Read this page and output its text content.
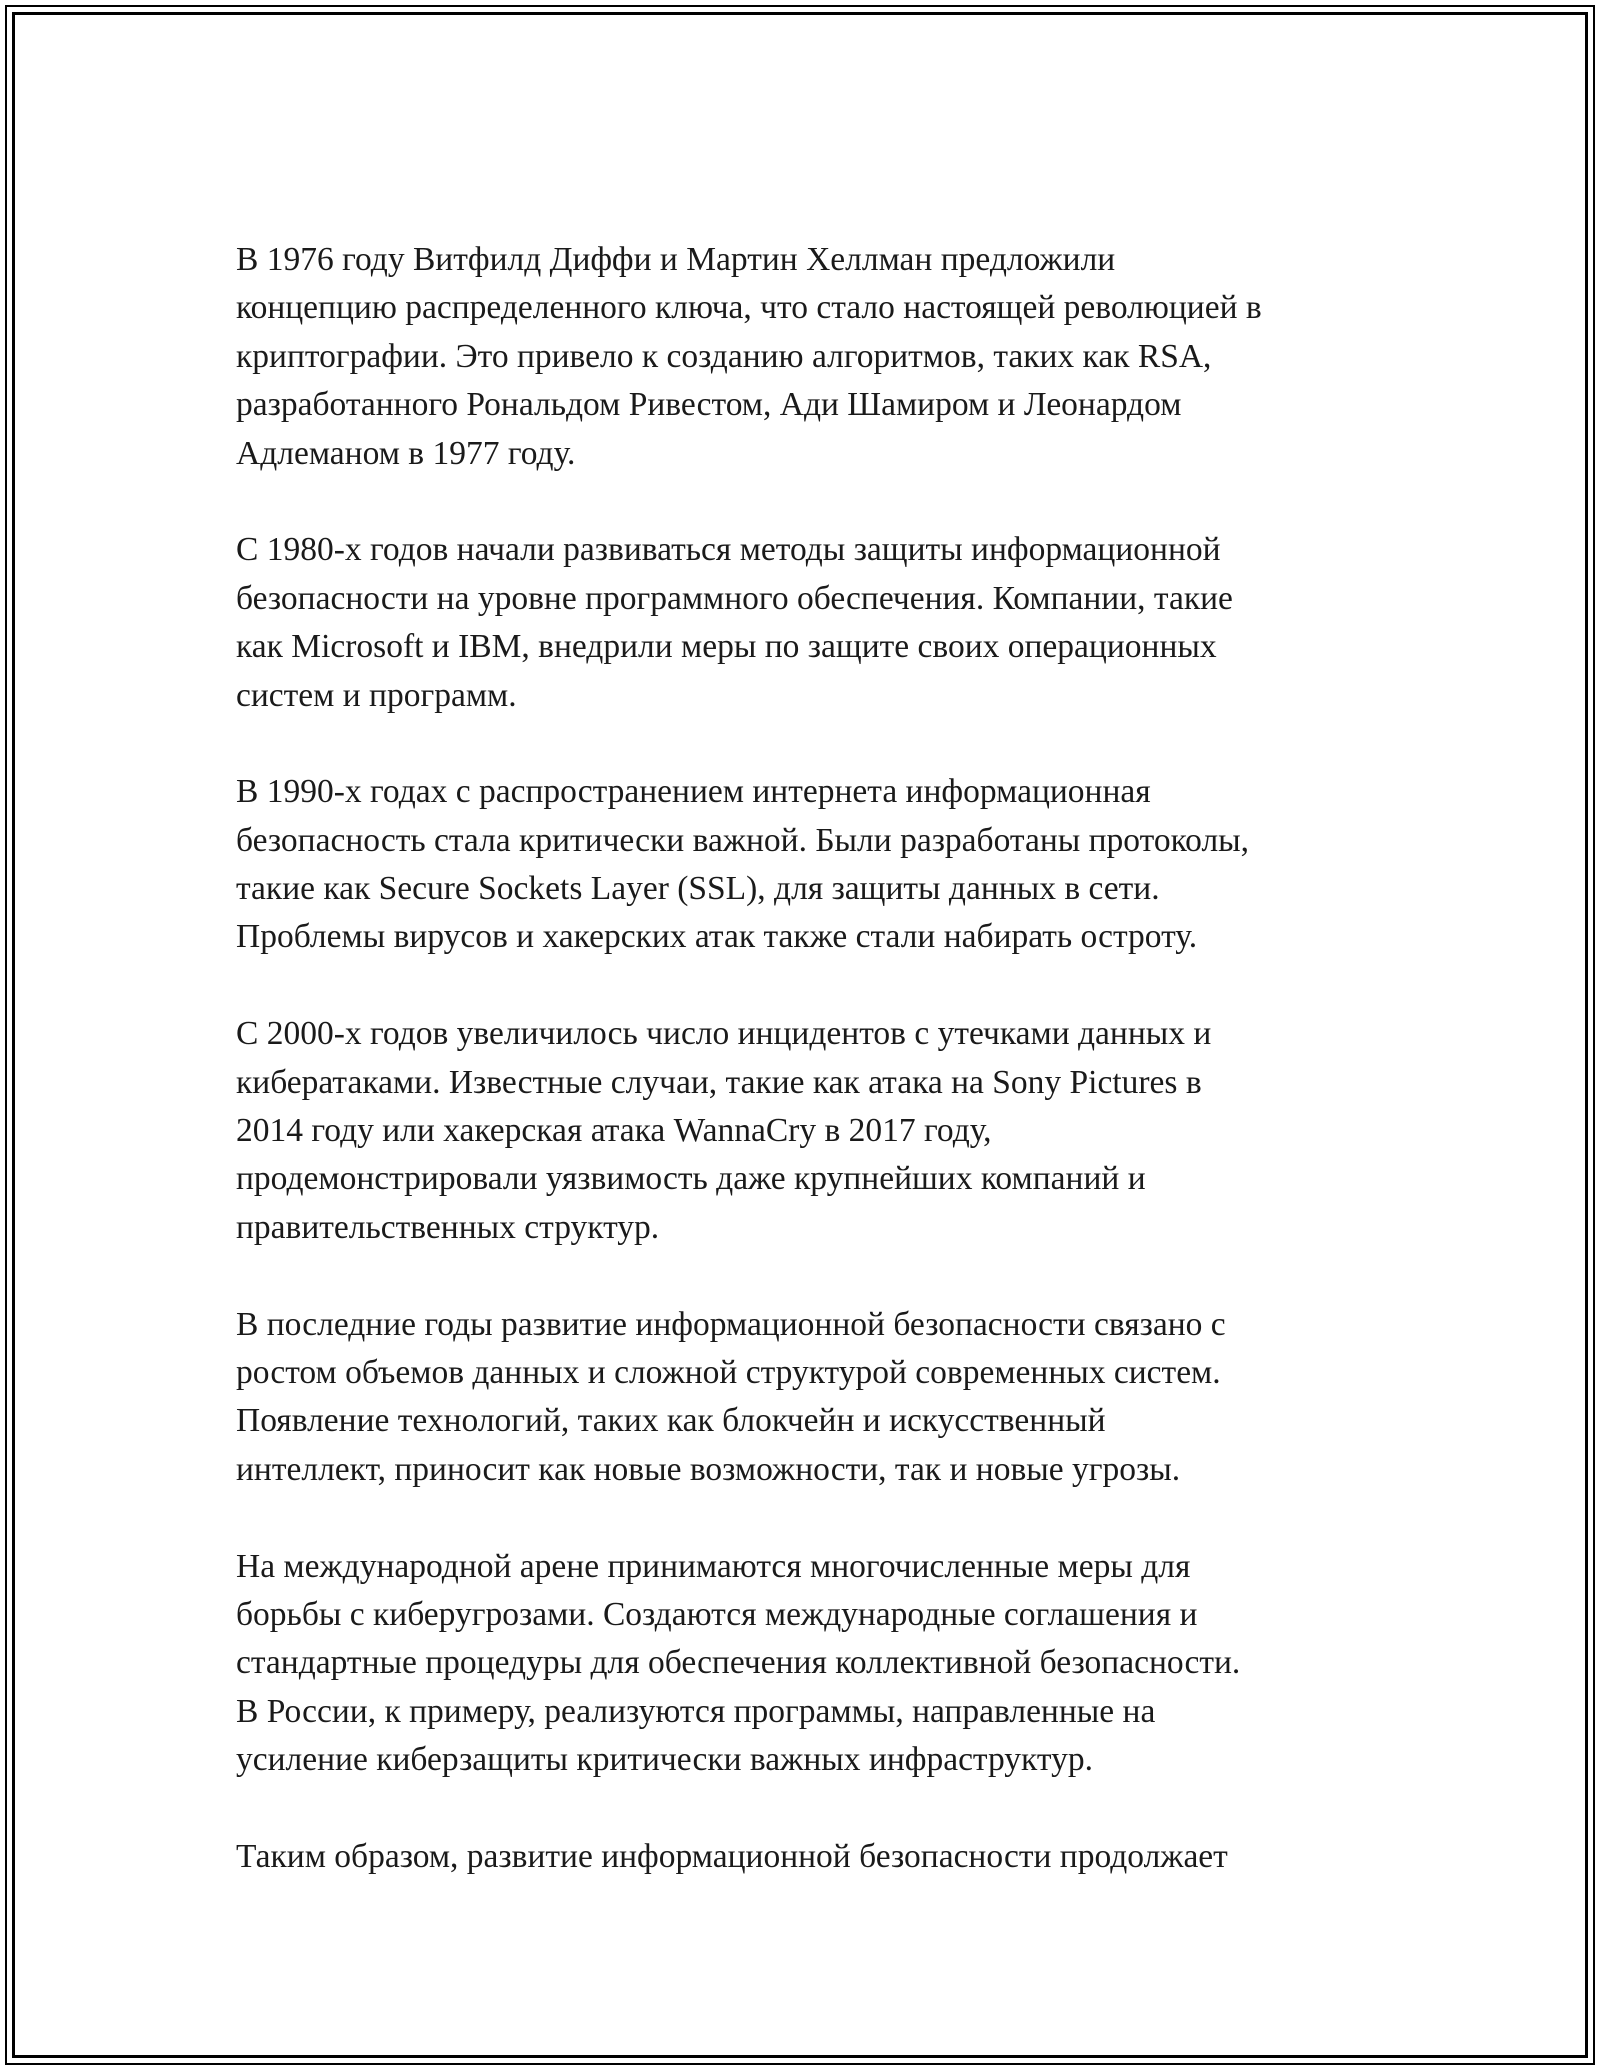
В 1976 году Витфилд Диффи и Мартин Хеллман предложили
концепцию распределенного ключа, что стало настоящей революцией в
криптографии. Это привело к созданию алгоритмов, таких как RSA,
разработанного Рональдом Ривестом, Ади Шамиром и Леонардом
Адлеманом в 1977 году.
С 1980-х годов начали развиваться методы защиты информационной
безопасности на уровне программного обеспечения. Компании, такие
как Microsoft и IBM, внедрили меры по защите своих операционных
систем и программ.
В 1990-х годах с распространением интернета информационная
безопасность стала критически важной. Были разработаны протоколы,
такие как Secure Sockets Layer (SSL), для защиты данных в сети.
Проблемы вирусов и хакерских атак также стали набирать остроту.
С 2000-х годов увеличилось число инцидентов с утечками данных и
кибератаками. Известные случаи, такие как атака на Sony Pictures в
2014 году или хакерская атака WannaCry в 2017 году,
продемонстрировали уязвимость даже крупнейших компаний и
правительственных структур.
В последние годы развитие информационной безопасности связано с
ростом объемов данных и сложной структурой современных систем.
Появление технологий, таких как блокчейн и искусственный
интеллект, приносит как новые возможности, так и новые угрозы.
На международной арене принимаются многочисленные меры для
борьбы с киберугрозами. Создаются международные соглашения и
стандартные процедуры для обеспечения коллективной безопасности.
В России, к примеру, реализуются программы, направленные на
усиление киберзащиты критически важных инфраструктур.
Таким образом, развитие информационной безопасности продолжает
